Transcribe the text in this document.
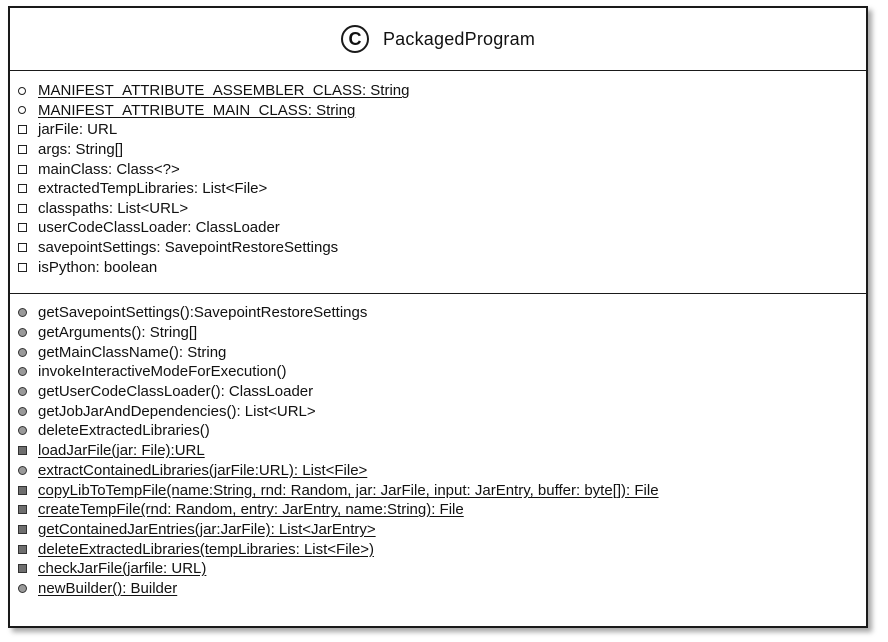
C	PackagedProgram
MANIFEST_ATTRIBUTE_ASSEMBLER_CLASS: String
MANIFEST_ATTRIBUTE_MAIN_CLASS: String
jarFile: URL
args: String[]
mainClass: Class<?>
extractedTempLibraries: List<File>
classpaths: List<URL>
userCodeClassLoader: ClassLoader
savepointSettings: SavepointRestoreSettings
isPython: boolean
getSavepointSettings():SavepointRestoreSettings
getArguments(): String[]
getMainClassName(): String
invokeInteractiveModeForExecution()
getUserCodeClassLoader(): ClassLoader
getJobJarAndDependencies(): List<URL>
deleteExtractedLibraries()
loadJarFile(jar: File):URL
extractContainedLibraries(jarFile:URL): List<File>
copyLibToTempFile(name:String, rnd: Random, jar: JarFile, input: JarEntry, buffer: byte[]): File
createTempFile(rnd: Random, entry: JarEntry, name:String): File
getContainedJarEntries(jar:JarFile): List<JarEntry>
deleteExtractedLibraries(tempLibraries: List<File>)
checkJarFile(jarfile: URL)
newBuilder(): Builder
